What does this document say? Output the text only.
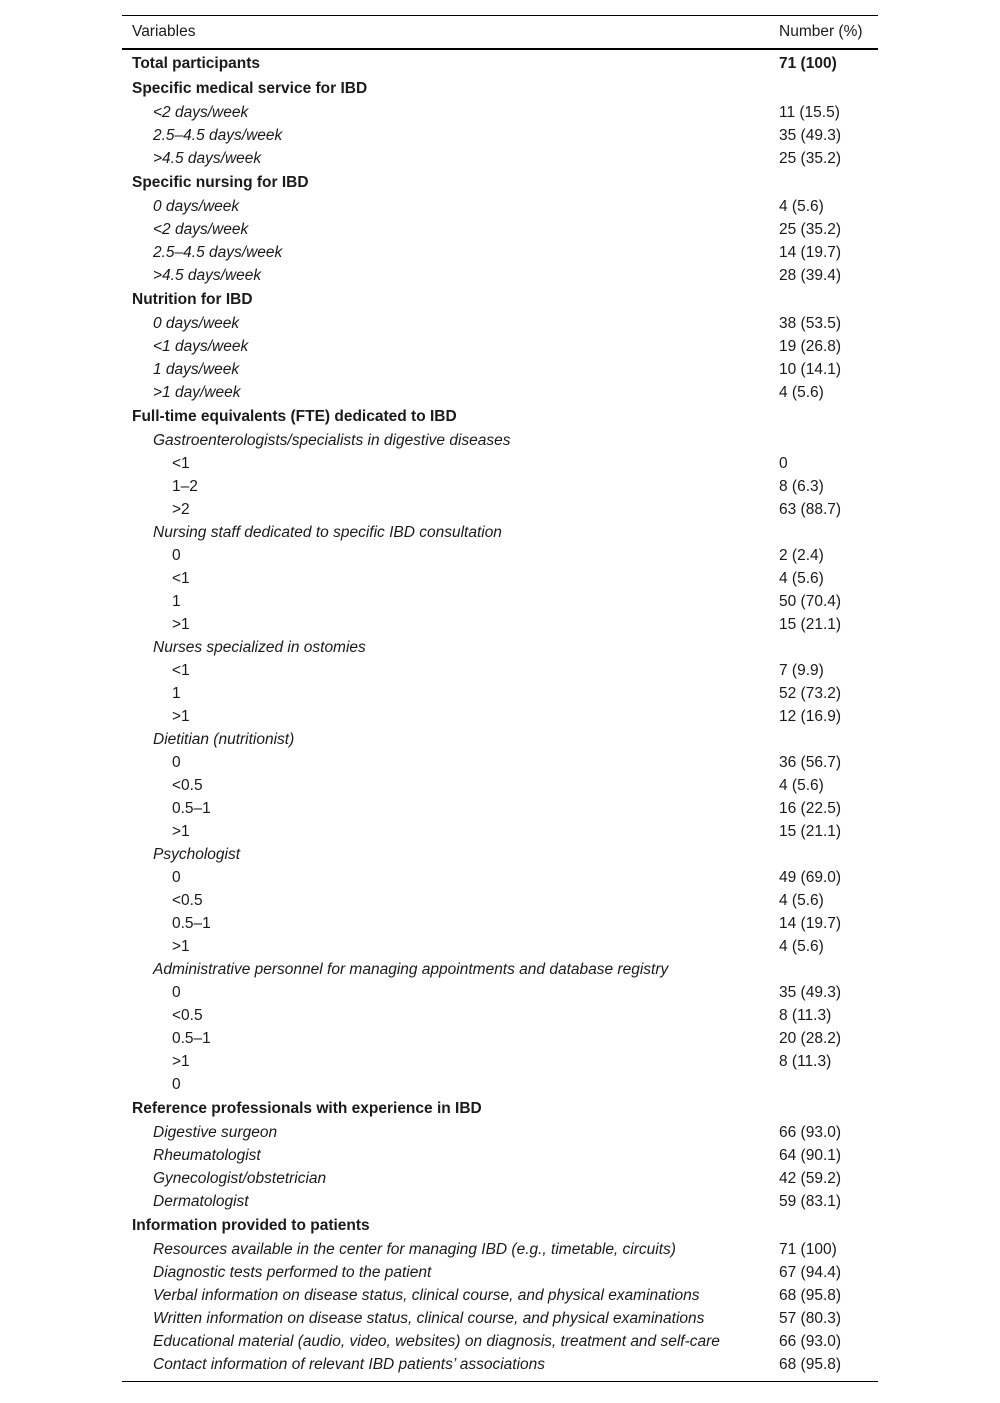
Variables	Number (%)
Total participants	71 (100)
Specific medical service for IBD
<2 days/week	11 (15.5)
2.5–4.5 days/week	35 (49.3)
>4.5 days/week	25 (35.2)
Specific nursing for IBD
0 days/week	4 (5.6)
<2 days/week	25 (35.2)
2.5–4.5 days/week	14 (19.7)
>4.5 days/week	28 (39.4)
Nutrition for IBD
0 days/week	38 (53.5)
<1 days/week	19 (26.8)
1 days/week	10 (14.1)
>1 day/week	4 (5.6)
Full-time equivalents (FTE) dedicated to IBD
Gastroenterologists/specialists in digestive diseases
<1	0
1–2	8 (6.3)
>2	63 (88.7)
Nursing staff dedicated to specific IBD consultation
0	2 (2.4)
<1	4 (5.6)
1	50 (70.4)
>1	15 (21.1)
Nurses specialized in ostomies
<1	7 (9.9)
1	52 (73.2)
>1	12 (16.9)
Dietitian (nutritionist)
0	36 (56.7)
<0.5	4 (5.6)
0.5–1	16 (22.5)
>1	15 (21.1)
Psychologist
0	49 (69.0)
<0.5	4 (5.6)
0.5–1	14 (19.7)
>1	4 (5.6)
Administrative personnel for managing appointments and database registry
0	35 (49.3)
<0.5	8 (11.3)
0.5–1	20 (28.2)
>1	8 (11.3)
0
Reference professionals with experience in IBD
Digestive surgeon	66 (93.0)
Rheumatologist	64 (90.1)
Gynecologist/obstetrician	42 (59.2)
Dermatologist	59 (83.1)
Information provided to patients
Resources available in the center for managing IBD (e.g., timetable, circuits)	71 (100)
Diagnostic tests performed to the patient	67 (94.4)
Verbal information on disease status, clinical course, and physical examinations	68 (95.8)
Written information on disease status, clinical course, and physical examinations	57 (80.3)
Educational material (audio, video, websites) on diagnosis, treatment and self-care	66 (93.0)
Contact information of relevant IBD patients’ associations	68 (95.8)
